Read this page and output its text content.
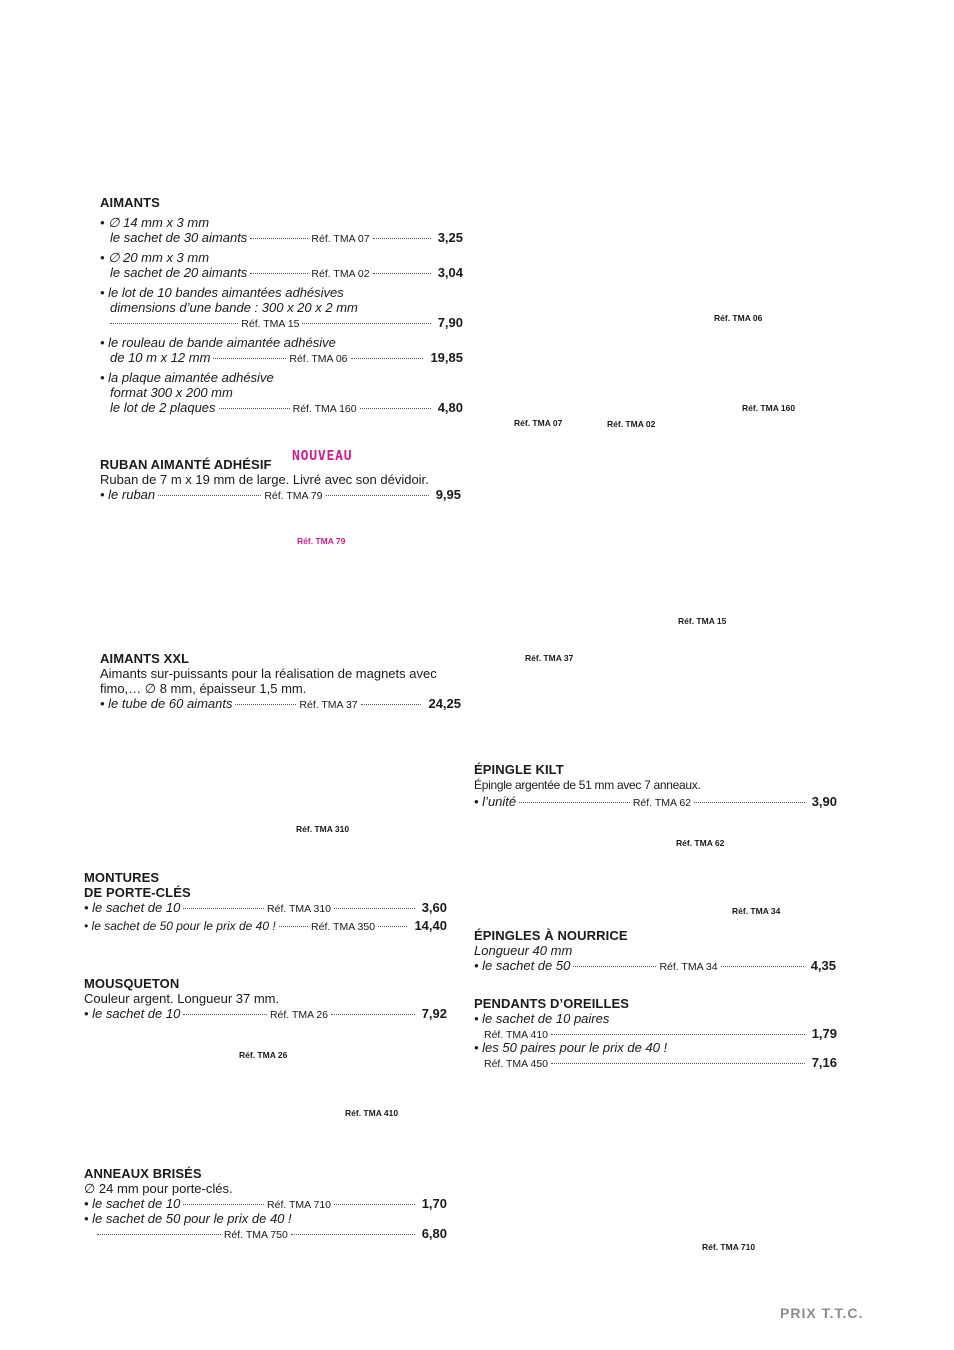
AIMANTS
• ∅ 14 mm x 3 mm
le sachet de 30 aimants	Réf. TMA 07	3,25
• ∅ 20 mm x 3 mm
le sachet de 20 aimants	Réf. TMA 02	3,04
• le lot de 10 bandes aimantées adhésives
dimensions d’une bande : 300 x 20 x 2 mm
Réf. TMA 15	7,90
• le rouleau de bande aimantée adhésive
de 10 m x 12 mm	Réf. TMA 06	19,85
• la plaque aimantée adhésive
format 300 x 200 mm
le lot de 2 plaques	Réf. TMA 160	4,80
RUBAN AIMANTÉ ADHÉSIF
NOUVEAU
Ruban de 7 m x 19 mm de large. Livré avec son dévidoir.
• le ruban	Réf. TMA 79	9,95
AIMANTS XXL
Aimants sur-puissants pour la réalisation de magnets avec
fimo,… ∅ 8 mm, épaisseur 1,5 mm.
• le tube de 60 aimants	Réf. TMA 37	24,25
ÉPINGLE KILT
Épingle argentée de 51 mm avec 7 anneaux.
• l’unité	Réf. TMA 62	3,90
MONTURES
DE PORTE-CLÉS
• le sachet de 10	Réf. TMA 310	3,60
• le sachet de 50 pour le prix de 40 !	Réf. TMA 350	14,40
ÉPINGLES À NOURRICE
Longueur 40 mm
• le sachet de 50	Réf. TMA 34	4,35
MOUSQUETON
Couleur argent. Longueur 37 mm.
• le sachet de 10	Réf. TMA 26	7,92
PENDANTS D’OREILLES
• le sachet de 10 paires
Réf. TMA 410	1,79
• les 50 paires pour le prix de 40 !
Réf. TMA 450	7,16
ANNEAUX BRISÉS
∅ 24 mm pour porte-clés.
• le sachet de 10	Réf. TMA 710	1,70
• le sachet de 50 pour le prix de 40 !
Réf. TMA 750	6,80
Réf. TMA 06
Réf. TMA 160
Réf. TMA 07	Réf. TMA 02
Réf. TMA 79
Réf. TMA 15
Réf. TMA 37
Réf. TMA 310
Réf. TMA 62
Réf. TMA 34
Réf. TMA 26
Réf. TMA 410
Réf. TMA 710
PRIX T.T.C.
